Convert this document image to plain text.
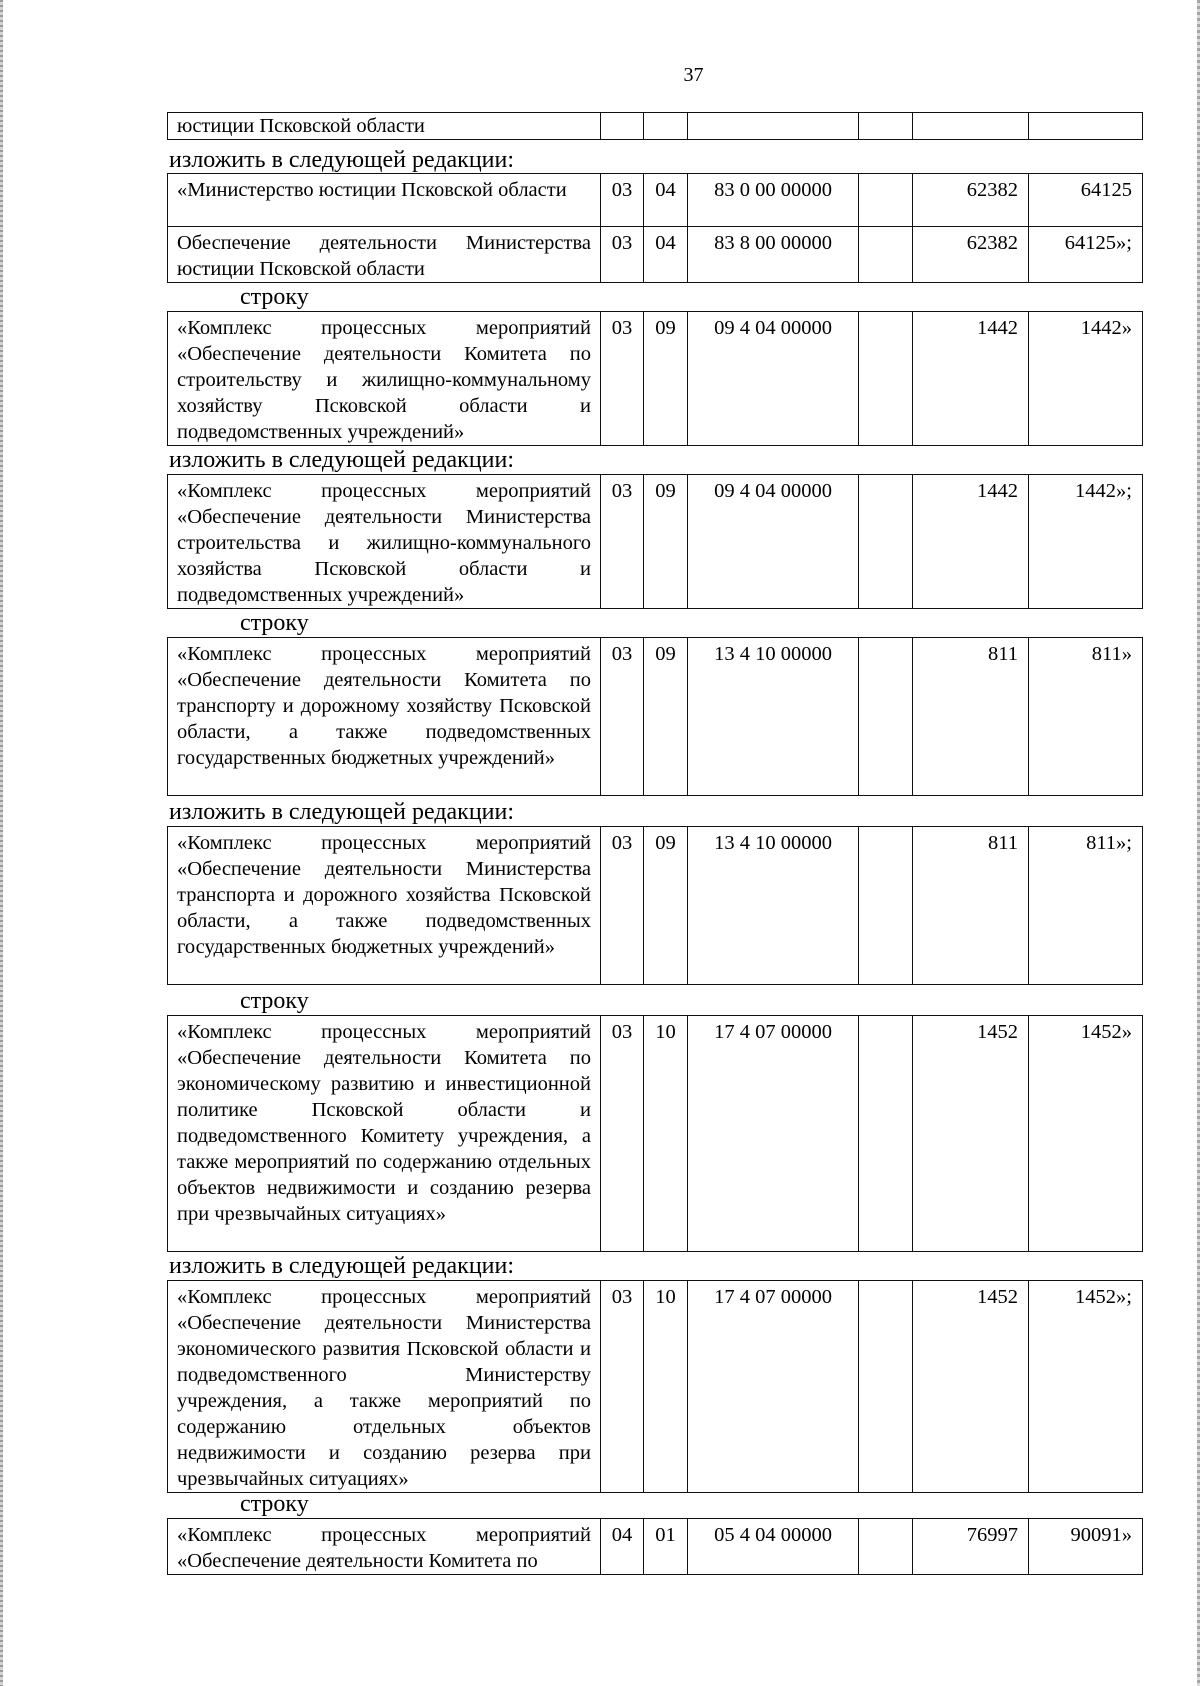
37
юстиции Псковской области						
изложить в следующей редакции:
«Министерство юстиции Псковской области	03	04	83 0 00 00000		62382	64125
Обеспечение деятельности Министерства юстиции Псковской области	03	04	83 8 00 00000		62382	64125»;
строку
«Комплекс процессных мероприятий «Обеспечение деятельности Комитета по строительству и жилищно-коммунальному хозяйству Псковской области и подведомственных учреждений»	03	09	09 4 04 00000		1442	1442»
изложить в следующей редакции:
«Комплекс процессных мероприятий «Обеспечение деятельности Министерства строительства и жилищно-коммунального хозяйства Псковской области и подведомственных учреждений»	03	09	09 4 04 00000		1442	1442»;
строку
«Комплекс процессных мероприятий «Обеспечение деятельности Комитета по транспорту и дорожному хозяйству Псковской области, а также подведомственных государственных бюджетных учреждений»	03	09	13 4 10 00000		811	811»
изложить в следующей редакции:
«Комплекс процессных мероприятий «Обеспечение деятельности Министерства транспорта и дорожного хозяйства Псковской области, а также подведомственных государственных бюджетных учреждений»	03	09	13 4 10 00000		811	811»;
строку
«Комплекс процессных мероприятий «Обеспечение деятельности Комитета по экономическому развитию и инвестиционной политике Псковской области и подведомственного Комитету учреждения, а также мероприятий по содержанию отдельных объектов недвижимости и созданию резерва при чрезвычайных ситуациях»	03	10	17 4 07 00000		1452	1452»
изложить в следующей редакции:
«Комплекс процессных мероприятий «Обеспечение деятельности Министерства экономического развития Псковской области и подведомственного Министерству учреждения, а также мероприятий по содержанию отдельных объектов недвижимости и созданию резерва при чрезвычайных ситуациях»	03	10	17 4 07 00000		1452	1452»;
строку
«Комплекс процессных мероприятий «Обеспечение деятельности Комитета по	04	01	05 4 04 00000		76997	90091»
